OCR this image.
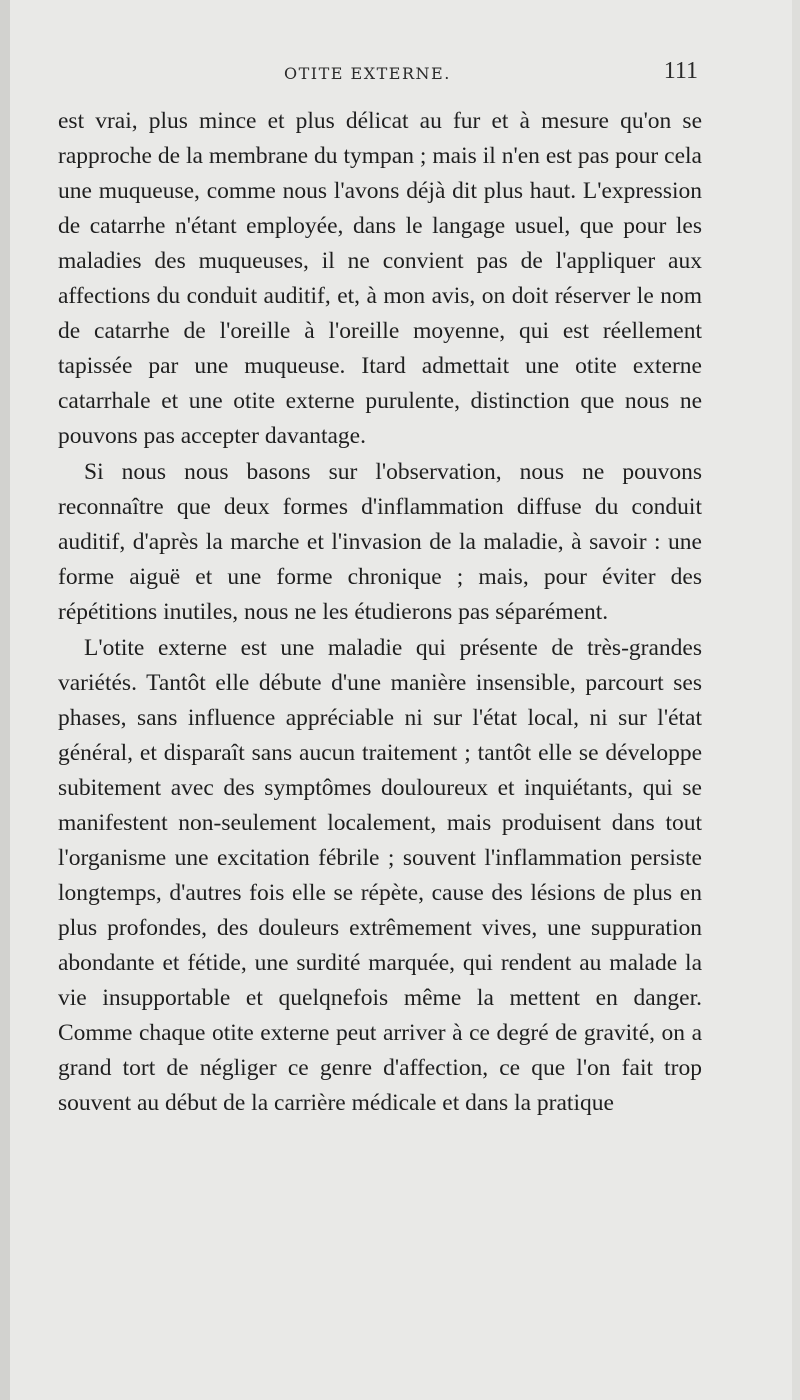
OTITE EXTERNE.	111

est vrai, plus mince et plus délicat au fur et à mesure qu'on se rapproche de la membrane du tympan ; mais il n'en est pas pour cela une muqueuse, comme nous l'avons déjà dit plus haut. L'expression de catarrhe n'étant employée, dans le langage usuel, que pour les maladies des muqueuses, il ne convient pas de l'appliquer aux affections du conduit auditif, et, à mon avis, on doit réserver le nom de catarrhe de l'oreille à l'oreille moyenne, qui est réellement tapissée par une muqueuse. Itard admettait une otite externe catarrhale et une otite externe purulente, distinction que nous ne pouvons pas accepter davantage.

Si nous nous basons sur l'observation, nous ne pouvons reconnaître que deux formes d'inflammation diffuse du conduit auditif, d'après la marche et l'invasion de la maladie, à savoir : une forme aiguë et une forme chronique ; mais, pour éviter des répétitions inutiles, nous ne les étudierons pas séparément.

L'otite externe est une maladie qui présente de très-grandes variétés. Tantôt elle débute d'une manière insensible, parcourt ses phases, sans influence appréciable ni sur l'état local, ni sur l'état général, et disparaît sans aucun traitement ; tantôt elle se développe subitement avec des symptômes douloureux et inquiétants, qui se manifestent non-seulement localement, mais produisent dans tout l'organisme une excitation fébrile ; souvent l'inflammation persiste longtemps, d'autres fois elle se répète, cause des lésions de plus en plus profondes, des douleurs extrêmement vives, une suppuration abondante et fétide, une surdité marquée, qui rendent au malade la vie insupportable et quelqnefois même la mettent en danger. Comme chaque otite externe peut arriver à ce degré de gravité, on a grand tort de négliger ce genre d'affection, ce que l'on fait trop souvent au début de la carrière médicale et dans la pratique
